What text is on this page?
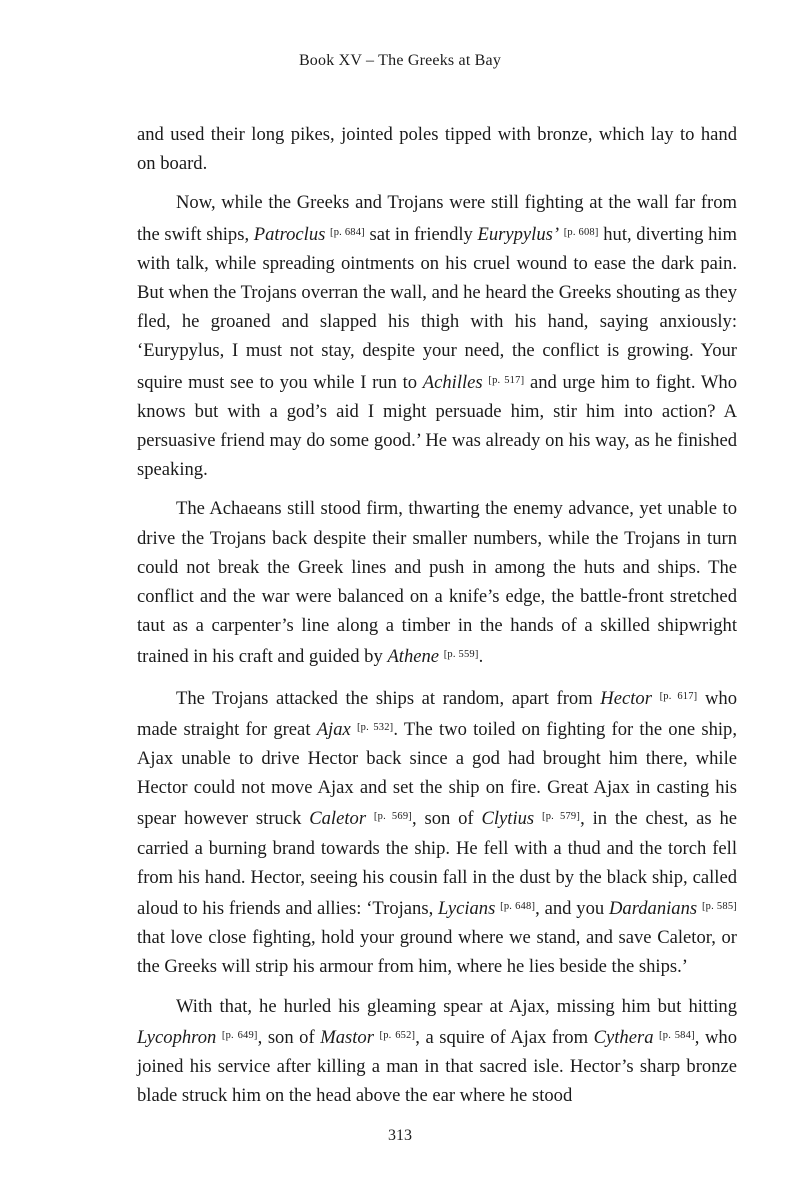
Book XV – The Greeks at Bay

and used their long pikes, jointed poles tipped with bronze, which lay to hand on board.

Now, while the Greeks and Trojans were still fighting at the wall far from the swift ships, Patroclus [p. 684] sat in friendly Eurypylus’ [p. 608] hut, diverting him with talk, while spreading ointments on his cruel wound to ease the dark pain. But when the Trojans overran the wall, and he heard the Greeks shouting as they fled, he groaned and slapped his thigh with his hand, saying anxiously: ‘Eurypylus, I must not stay, despite your need, the conflict is growing. Your squire must see to you while I run to Achilles [p. 517] and urge him to fight. Who knows but with a god’s aid I might persuade him, stir him into action? A persuasive friend may do some good.’ He was already on his way, as he finished speaking.

The Achaeans still stood firm, thwarting the enemy advance, yet unable to drive the Trojans back despite their smaller numbers, while the Trojans in turn could not break the Greek lines and push in among the huts and ships. The conflict and the war were balanced on a knife’s edge, the battle-front stretched taut as a carpenter’s line along a timber in the hands of a skilled shipwright trained in his craft and guided by Athene [p. 559].

The Trojans attacked the ships at random, apart from Hector [p. 617] who made straight for great Ajax [p. 532]. The two toiled on fighting for the one ship, Ajax unable to drive Hector back since a god had brought him there, while Hector could not move Ajax and set the ship on fire. Great Ajax in casting his spear however struck Caletor [p. 569], son of Clytius [p. 579], in the chest, as he carried a burning brand towards the ship. He fell with a thud and the torch fell from his hand. Hector, seeing his cousin fall in the dust by the black ship, called aloud to his friends and allies: ‘Trojans, Lycians [p. 648], and you Dardanians [p. 585] that love close fighting, hold your ground where we stand, and save Caletor, or the Greeks will strip his armour from him, where he lies beside the ships.’

With that, he hurled his gleaming spear at Ajax, missing him but hitting Lycophron [p. 649], son of Mastor [p. 652], a squire of Ajax from Cythera [p. 584], who joined his service after killing a man in that sacred isle. Hector’s sharp bronze blade struck him on the head above the ear where he stood

313
